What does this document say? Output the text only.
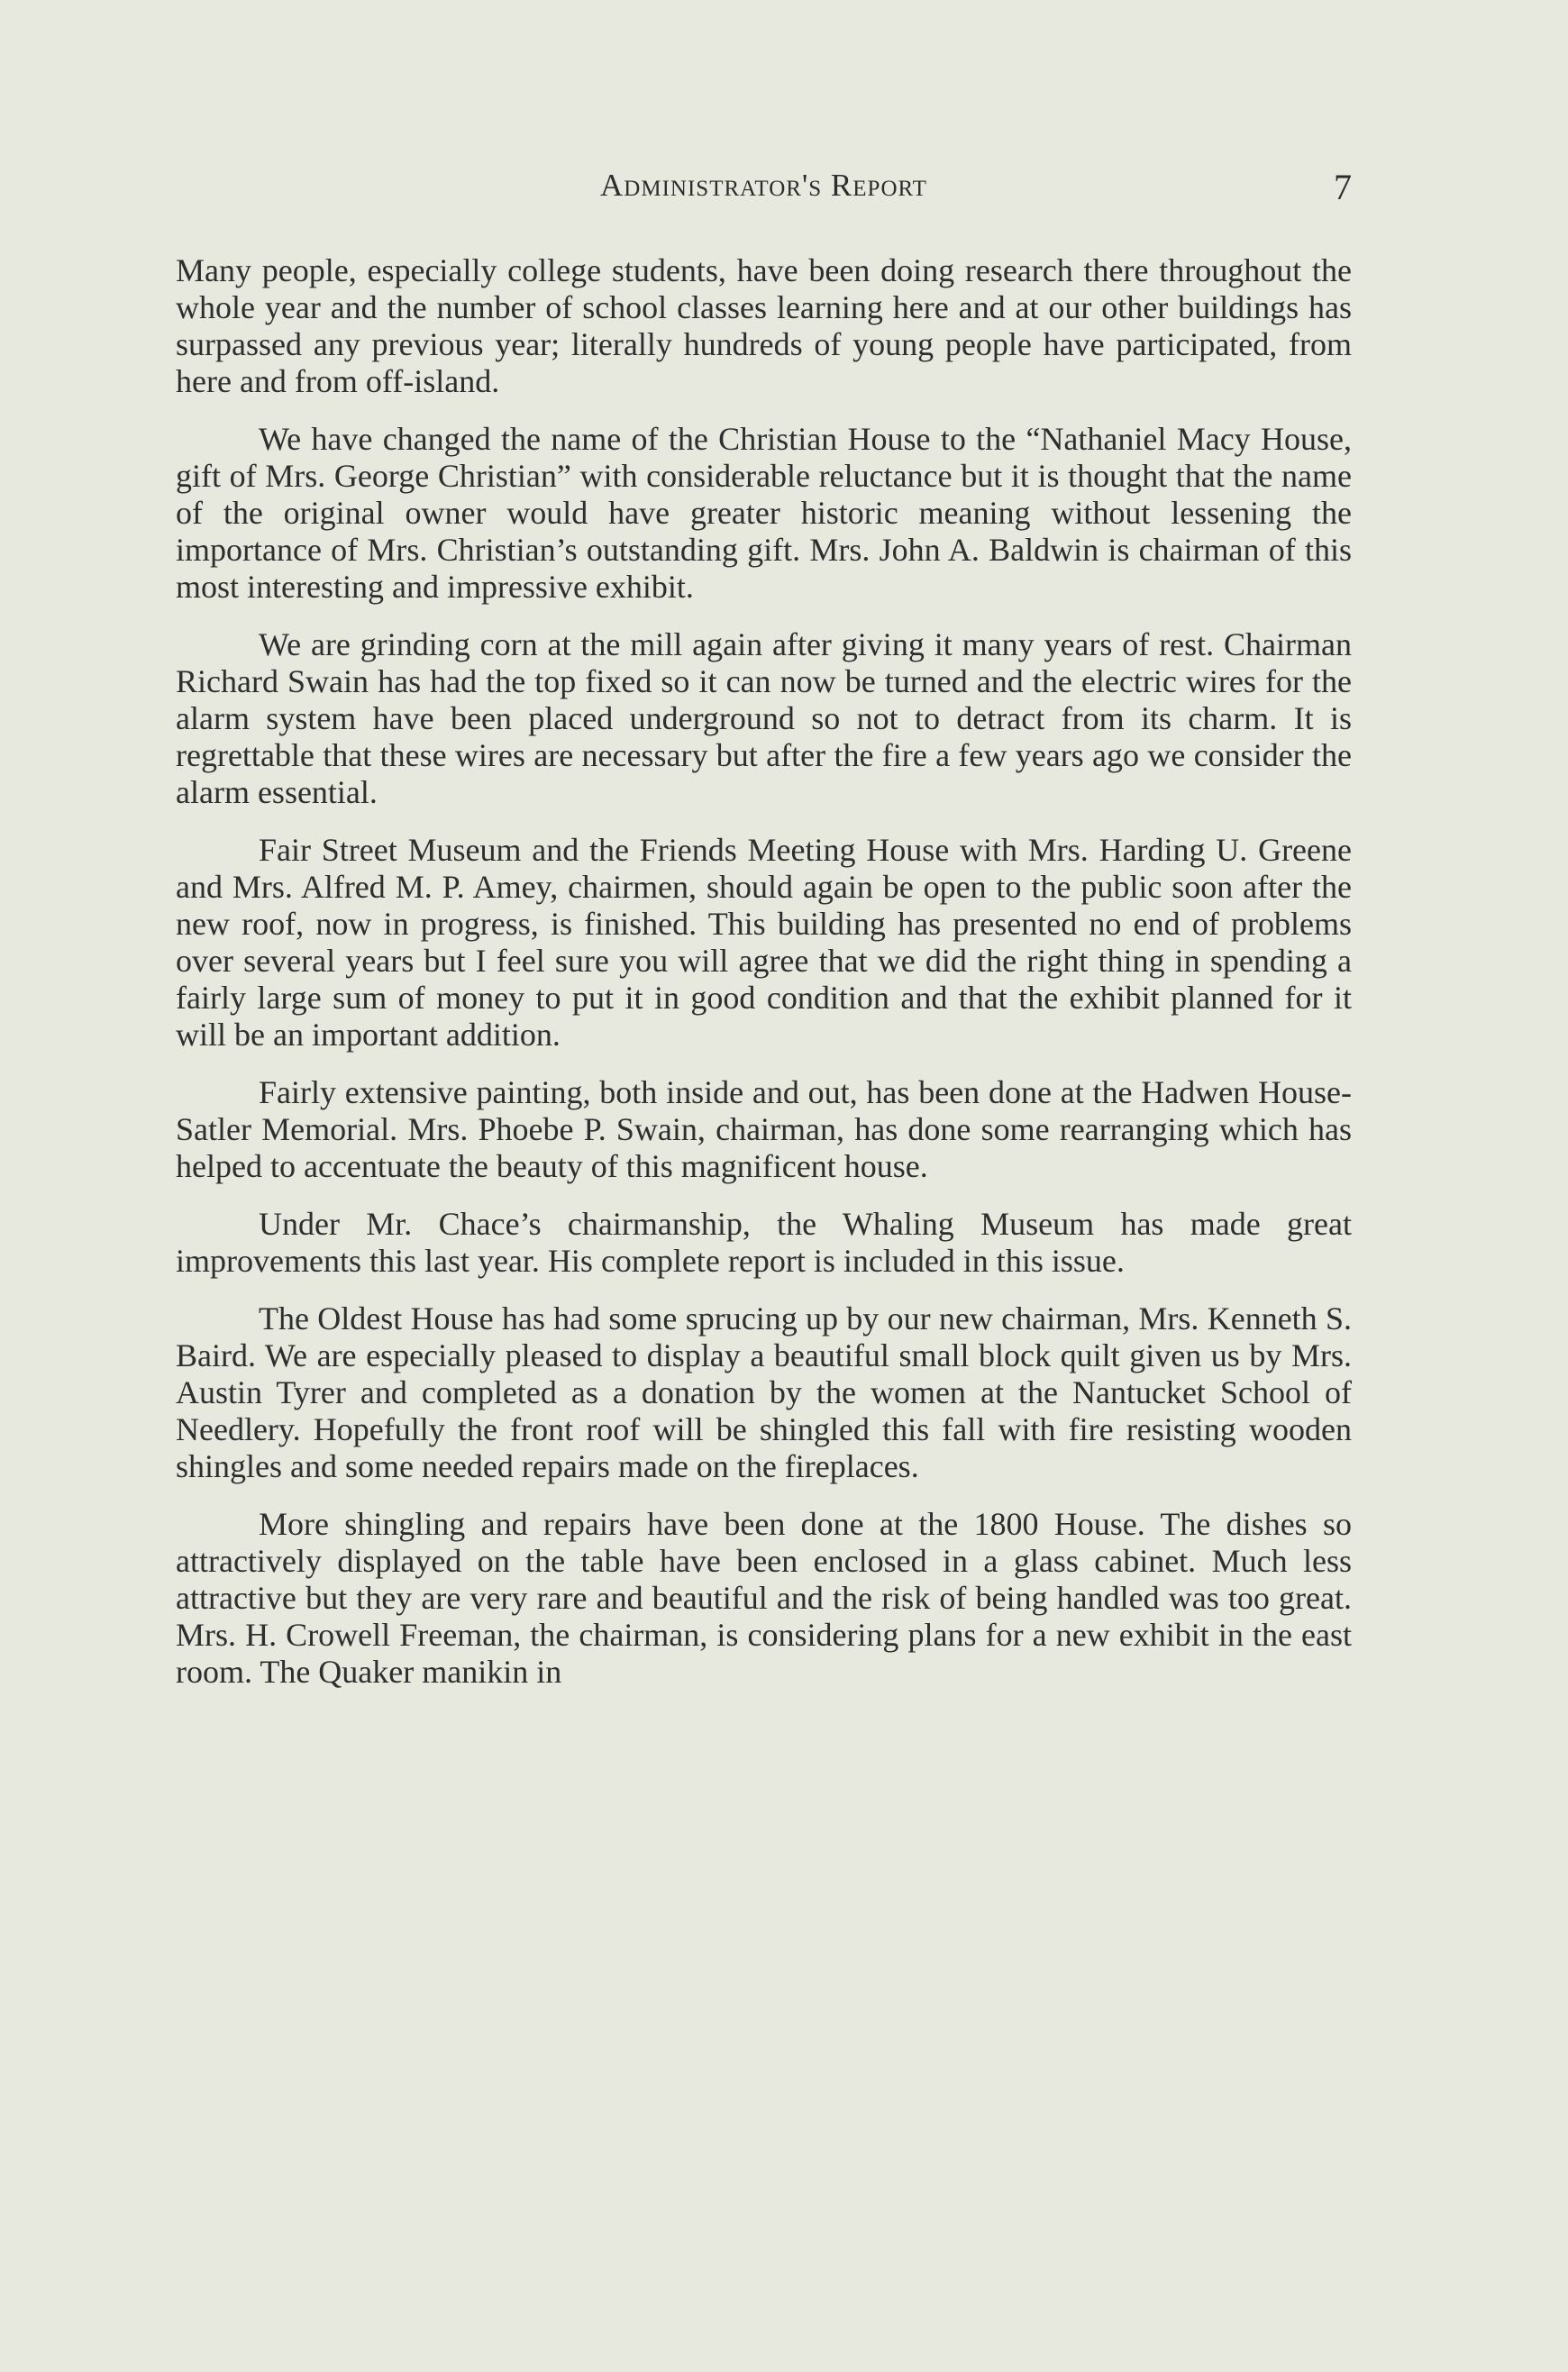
Administrator's Report	7

Many people, especially college students, have been doing research there throughout the whole year and the number of school classes learning here and at our other buildings has surpassed any previous year; literally hundreds of young people have participated, from here and from off-island.

We have changed the name of the Christian House to the “Nathaniel Macy House, gift of Mrs. George Christian” with considerable reluctance but it is thought that the name of the original owner would have greater historic meaning without lessening the importance of Mrs. Christian’s outstanding gift. Mrs. John A. Baldwin is chairman of this most interesting and impressive exhibit.

We are grinding corn at the mill again after giving it many years of rest. Chairman Richard Swain has had the top fixed so it can now be turned and the electric wires for the alarm system have been placed underground so not to detract from its charm. It is regrettable that these wires are necessary but after the fire a few years ago we consider the alarm essential.

Fair Street Museum and the Friends Meeting House with Mrs. Harding U. Greene and Mrs. Alfred M. P. Amey, chairmen, should again be open to the public soon after the new roof, now in progress, is finished. This building has presented no end of problems over several years but I feel sure you will agree that we did the right thing in spending a fairly large sum of money to put it in good condition and that the exhibit planned for it will be an important addition.

Fairly extensive painting, both inside and out, has been done at the Hadwen House-Satler Memorial. Mrs. Phoebe P. Swain, chairman, has done some rearranging which has helped to accentuate the beauty of this magnificent house.

Under Mr. Chace’s chairmanship, the Whaling Museum has made great improvements this last year. His complete report is included in this issue.

The Oldest House has had some sprucing up by our new chairman, Mrs. Kenneth S. Baird. We are especially pleased to display a beautiful small block quilt given us by Mrs. Austin Tyrer and completed as a donation by the women at the Nantucket School of Needlery. Hopefully the front roof will be shingled this fall with fire resisting wooden shingles and some needed repairs made on the fireplaces.

More shingling and repairs have been done at the 1800 House. The dishes so attractively displayed on the table have been enclosed in a glass cabinet. Much less attractive but they are very rare and beautiful and the risk of being handled was too great. Mrs. H. Crowell Freeman, the chairman, is considering plans for a new exhibit in the east room. The Quaker manikin in
